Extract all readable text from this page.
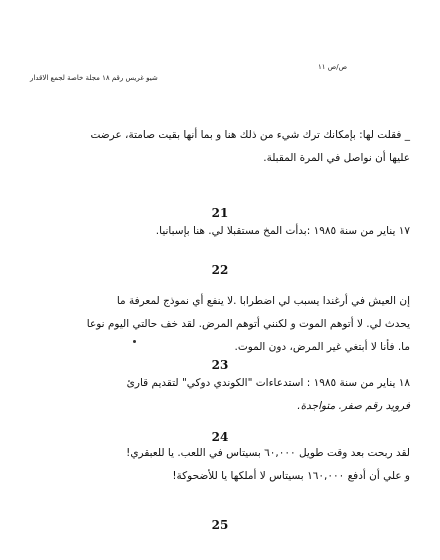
ص/ص ١١
شيو غريس رقم ١٨ مجلة خاصة لجمع الاقدار
_ فقلت لها: بإمكانك ترك شيء من ذلك هنا و بما أنها بقيت صامتة، عرضت
عليها أن نواصل في المرة المقبلة.
21
١٧ يناير من سنة ١٩٨٥ :بدأت المخ مستقبلا لي. هنا بإسبانيا.
22
إن العيش في أرغندا يسبب لي اضطرابا .لا ينفع أي نموذج لمعرفة ما
يحدث لي. لا أتوهم الموت و لكنني أتوهم المرض. لقد خف حالتي اليوم نوعا
ما. فأنا لا أبتغي غير المرض، دون الموت.
23
١٨ يناير من سنة ١٩٨٥ : استدعاءات "الكوندي دوكي" لتقديم قارئ
فرويد رقم صفر. متواجدة.
24
لقد ربحت بعد وقت طويل ٦٠,٠٠٠ بسيتاس في اللعب. يا للعبقري!
و علي أن أدفع ١٦٠,٠٠٠ بسيتاس لا أملكها يا للأضحوكة!
25
